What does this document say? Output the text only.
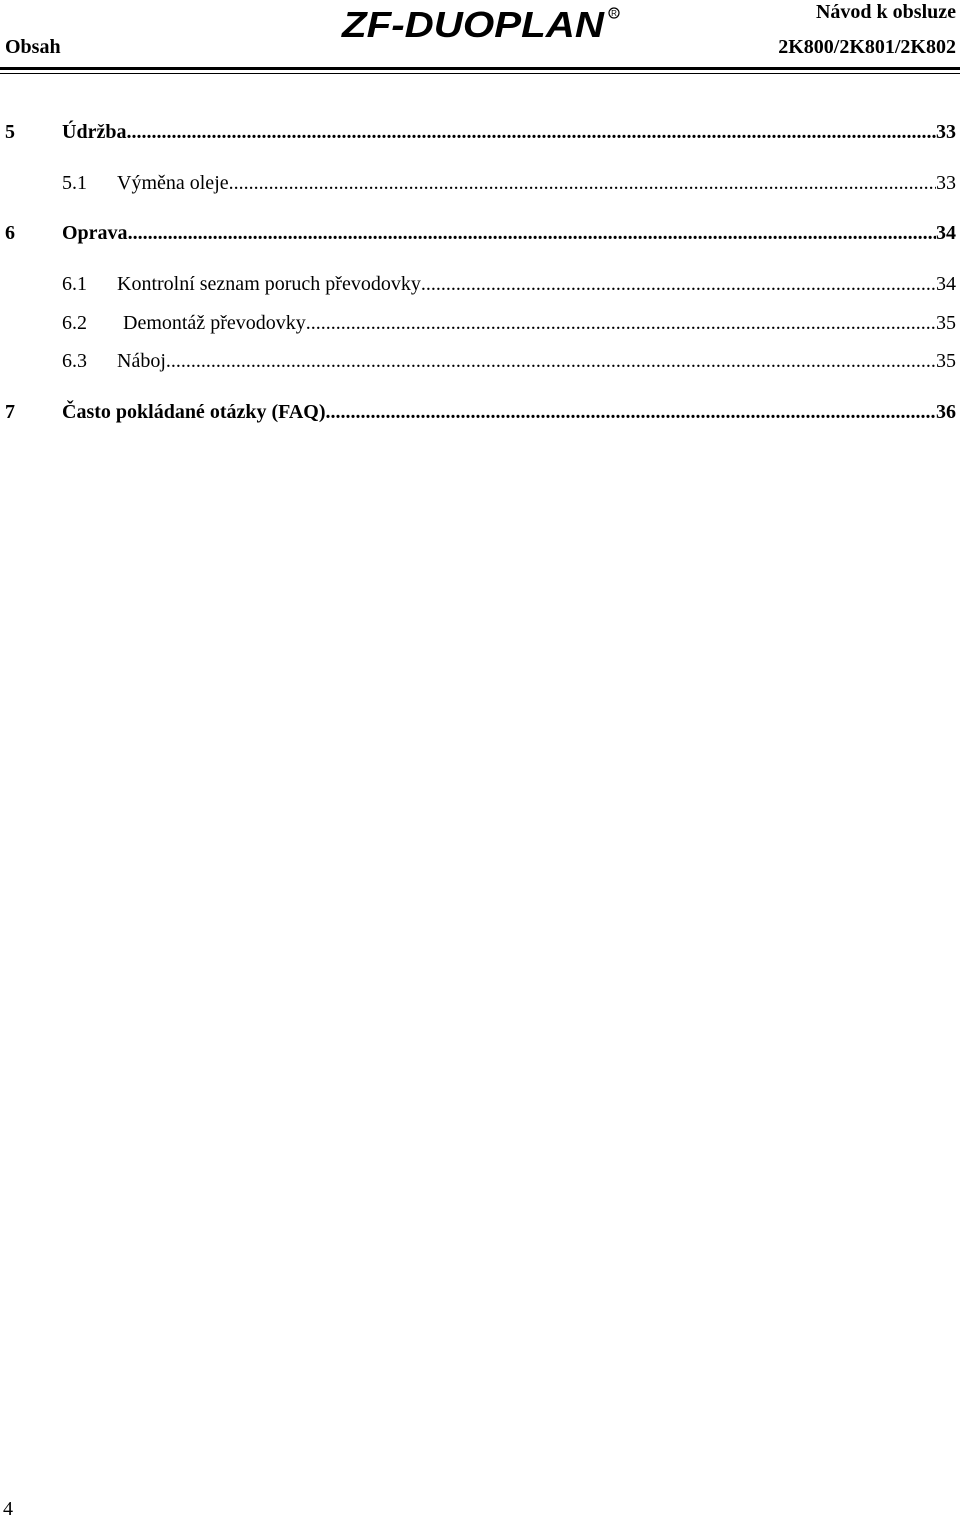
Obsah
ZF-DUOPLAN R	Návod k obsluze
2K800/2K801/2K802
5	Údržba .....	33
5.1	Výměna oleje .....	33
6	Oprava .....	34
6.1	Kontrolní seznam poruch převodovky .....	34
6.2	Demontáž převodovky .....	35
6.3	Náboj .....	35
7	Často pokládané otázky (FAQ) .....	36
4
